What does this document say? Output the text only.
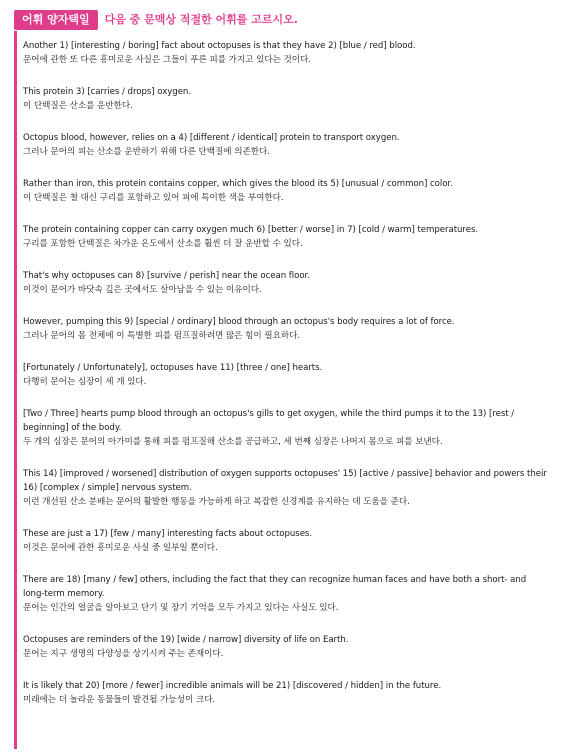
어휘 양자택일	다음 중 문맥상 적절한 어휘를 고르시오.

Another 1) [interesting / boring] fact about octopuses is that they have 2) [blue / red] blood.

문어에 관한 또 다른 흥미로운 사실은 그들이 푸른 피를 가지고 있다는 것이다.

This protein 3) [carries / drops] oxygen.

이 단백질은 산소를 운반한다.

Octopus blood, however, relies on a 4) [different / identical] protein to transport oxygen.

그러나 문어의 피는 산소를 운반하기 위해 다른 단백질에 의존한다.

Rather than iron, this protein contains copper, which gives the blood its 5) [unusual / common] color.

이 단백질은 철 대신 구리를 포함하고 있어 피에 특이한 색을 부여한다.

The protein containing copper can carry oxygen much 6) [better / worse] in 7) [cold / warm] temperatures.

구리를 포함한 단백질은 차가운 온도에서 산소를 훨씬 더 잘 운반할 수 있다.

That's why octopuses can 8) [survive / perish] near the ocean floor.

이것이 문어가 바닷속 깊은 곳에서도 살아남을 수 있는 이유이다.

However, pumping this 9) [special / ordinary] blood through an octopus's body requires a lot of force.

그러나 문어의 몸 전체에 이 특별한 피를 펌프질하려면 많은 힘이 필요하다.

[Fortunately / Unfortunately], octopuses have 11) [three / one] hearts.

다행히 문어는 심장이 세 개 있다.

[Two / Three] hearts pump blood through an octopus's gills to get oxygen, while the third pumps it to the 13) [rest / beginning] of the body.

두 개의 심장은 문어의 아가미를 통해 피를 펌프질해 산소를 공급하고, 세 번째 심장은 나머지 몸으로 피를 보낸다.

This 14) [improved / worsened] distribution of oxygen supports octopuses' 15) [active / passive] behavior and powers their 16) [complex / simple] nervous system.

이런 개선된 산소 분배는 문어의 활발한 행동을 가능하게 하고 복잡한 신경계를 유지하는 데 도움을 준다.

These are just a 17) [few / many] interesting facts about octopuses.

이것은 문어에 관한 흥미로운 사실 중 일부일 뿐이다.

There are 18) [many / few] others, including the fact that they can recognize human faces and have both a short- and long-term memory.

문어는 인간의 얼굴을 알아보고 단기 및 장기 기억을 모두 가지고 있다는 사실도 있다.

Octopuses are reminders of the 19) [wide / narrow] diversity of life on Earth.

문어는 지구 생명의 다양성을 상기시켜 주는 존재이다.

It is likely that 20) [more / fewer] incredible animals will be 21) [discovered / hidden] in the future.

미래에는 더 놀라운 동물들이 발견될 가능성이 크다.
